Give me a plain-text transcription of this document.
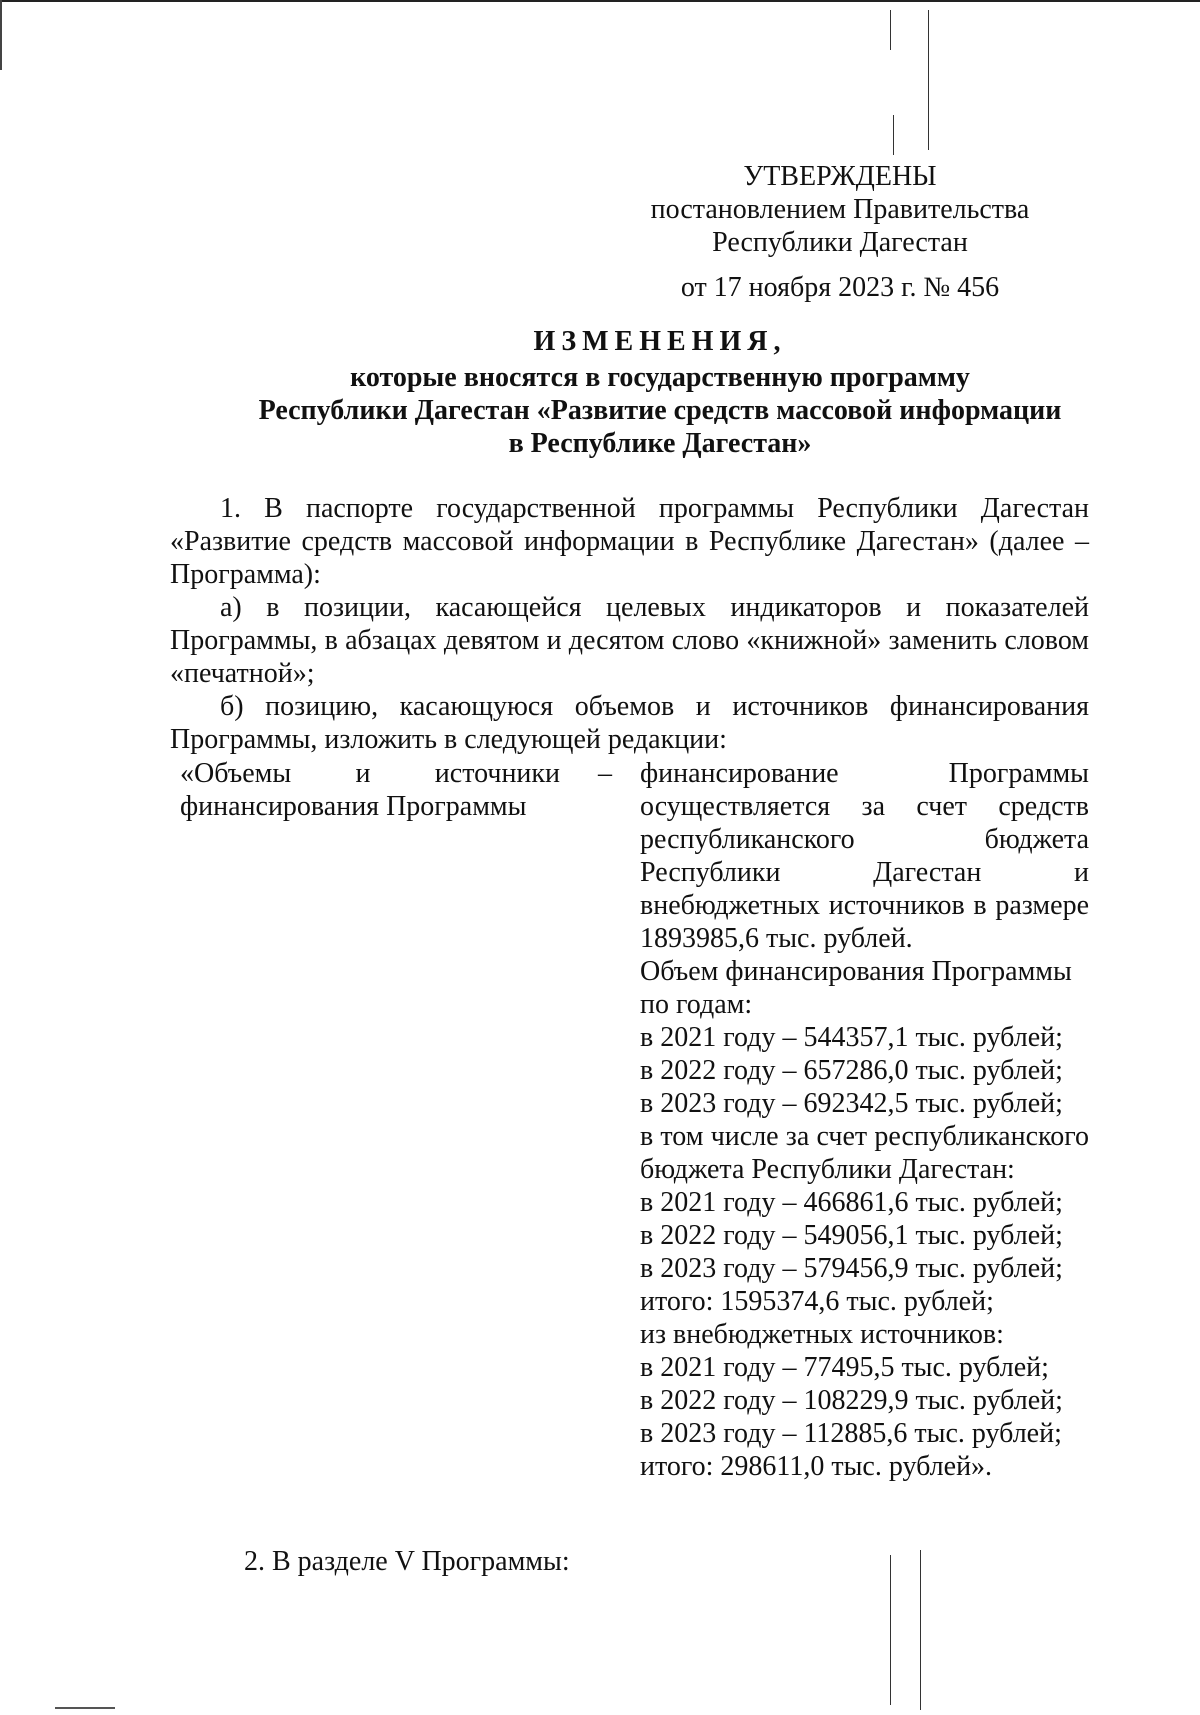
УТВЕРЖДЕНЫ
постановлением Правительства
Республики Дагестан
от 17 ноября 2023 г. № 456
ИЗМЕНЕНИЯ,
которые вносятся в государственную программу
Республики Дагестан «Развитие средств массовой информации
в Республике Дагестан»

1. В паспорте государственной программы Республики Дагестан «Развитие средств массовой информации в Республике Дагестан» (далее – Программа):

а) в позиции, касающейся целевых индикаторов и показателей Программы, в абзацах девятом и десятом слово «книжной» заменить словом «печатной»;

б) позицию, касающуюся объемов и источников финансирования Программы, изложить в следующей редакции:

«Объемы и источники финансирования Программы
– финансирование Программы осуществляется за счет средств республиканского бюджета Республики Дагестан и внебюджетных источников в размере 1893985,6 тыс. рублей.

Объем финансирования Программы по годам:

в 2021 году – 544357,1 тыс. рублей;
в 2022 году – 657286,0 тыс. рублей;
в 2023 году – 692342,5 тыс. рублей;

в том числе за счет республиканского бюджета Республики Дагестан:

в 2021 году – 466861,6 тыс. рублей;
в 2022 году – 549056,1 тыс. рублей;
в 2023 году – 579456,9 тыс. рублей;
итого: 1595374,6 тыс. рублей;
из внебюджетных источников:
в 2021 году – 77495,5 тыс. рублей;
в 2022 году – 108229,9 тыс. рублей;
в 2023 году – 112885,6 тыс. рублей;
итого: 298611,0 тыс. рублей».
2. В разделе V Программы:
